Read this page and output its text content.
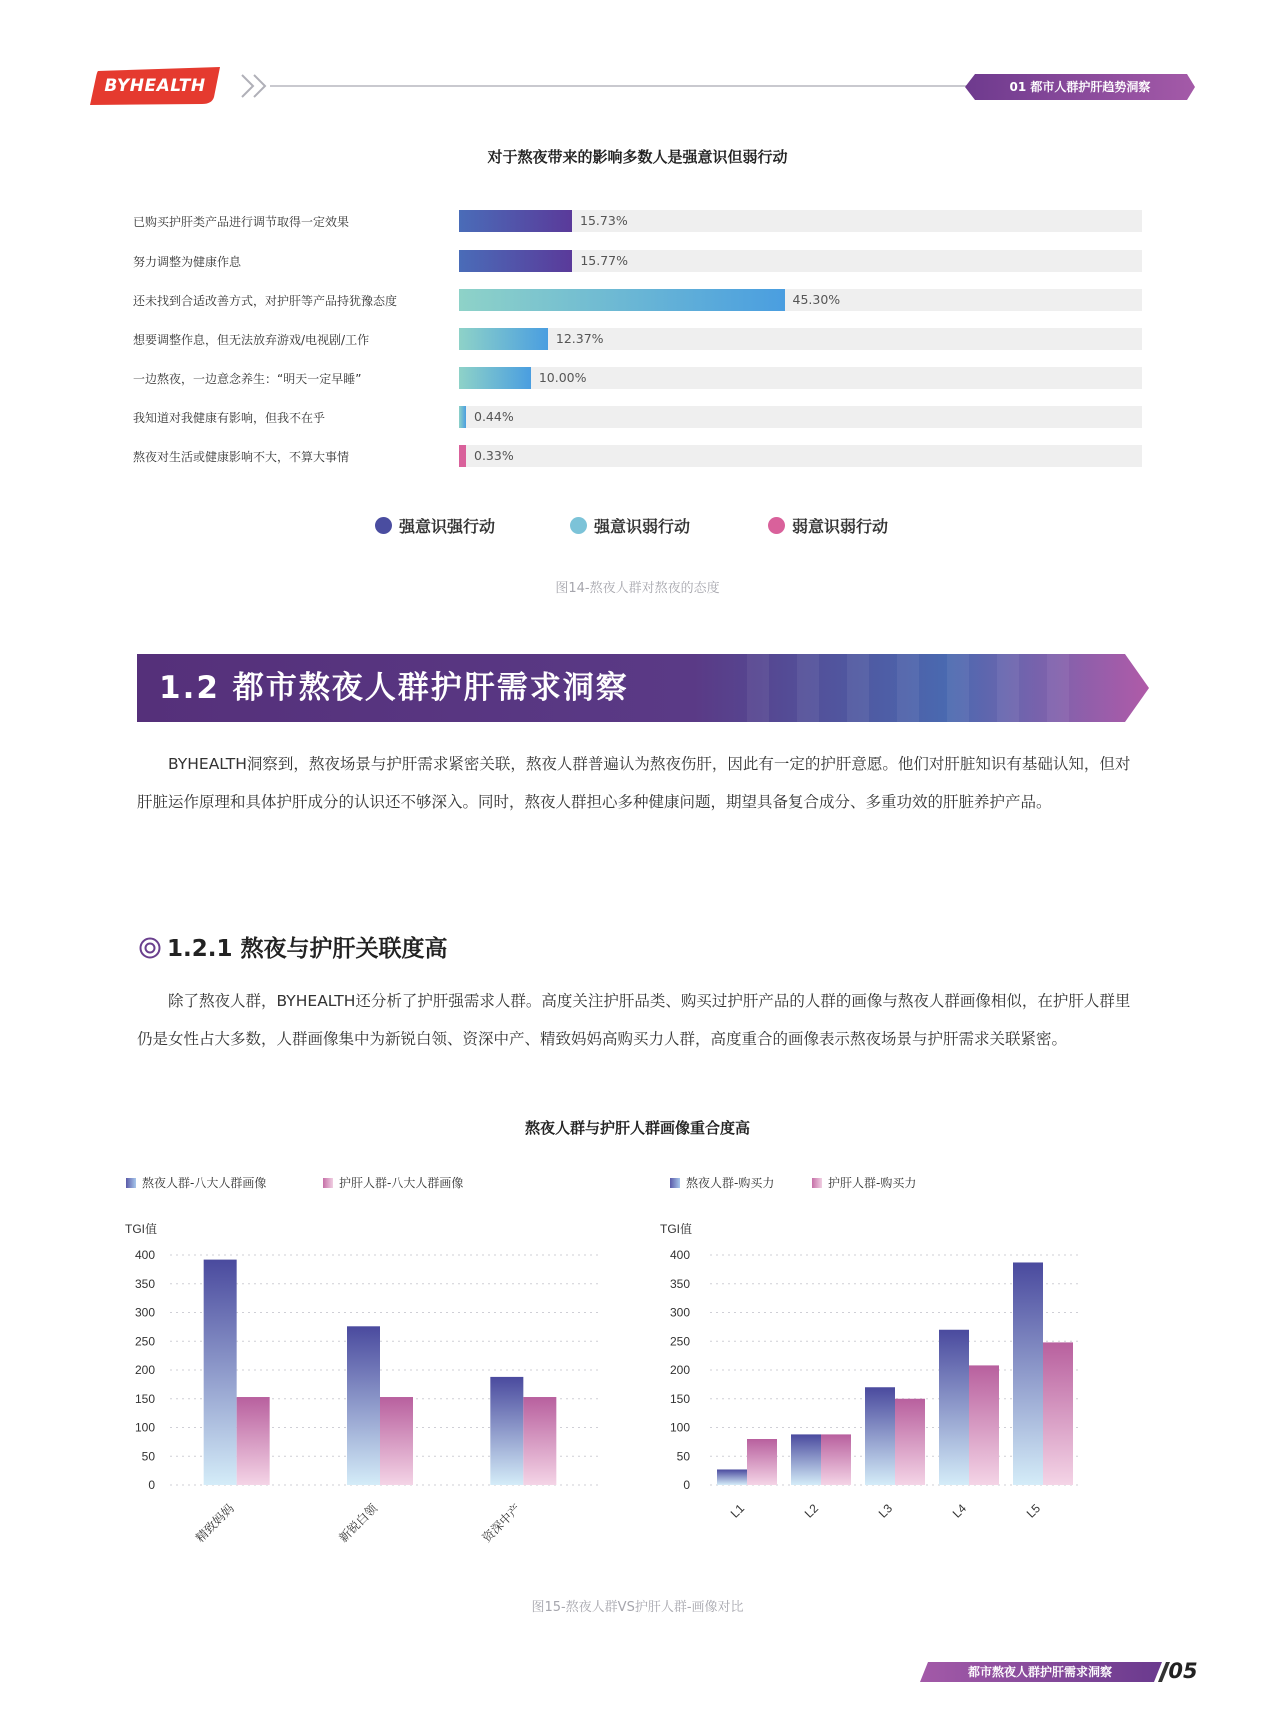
BYHEALTH	01 都市人群护肝趋势洞察
对于熬夜带来的影响多数人是强意识但弱行动
已购买护肝类产品进行调节取得一定效果	15.73%
努力调整为健康作息	15.77%
还未找到合适改善方式，对护肝等产品持犹豫态度	45.30%
想要调整作息，但无法放弃游戏/电视剧/工作	12.37%
一边熬夜，一边意念养生：“明天一定早睡”	10.00%
我知道对我健康有影响，但我不在乎	0.44%
熬夜对生活或健康影响不大，不算大事情	0.33%
强意识强行动	强意识弱行动	弱意识弱行动
图14-熬夜人群对熬夜的态度
1.2 都市熬夜人群护肝需求洞察
BYHEALTH洞察到，熬夜场景与护肝需求紧密关联，熬夜人群普遍认为熬夜伤肝，因此有一定的护肝意愿。他们对肝脏知识有基础认知，但对肝脏运作原理和具体护肝成分的认识还不够深入。同时，熬夜人群担心多种健康问题，期望具备复合成分、多重功效的肝脏养护产品。
1.2.1 熬夜与护肝关联度高
除了熬夜人群，BYHEALTH还分析了护肝强需求人群。高度关注护肝品类、购买过护肝产品的人群的画像与熬夜人群画像相似，在护肝人群里仍是女性占大多数，人群画像集中为新锐白领、资深中产、精致妈妈高购买力人群，高度重合的画像表示熬夜场景与护肝需求关联紧密。
熬夜人群与护肝人群画像重合度高
熬夜人群-八大人群画像	护肝人群-八大人群画像	熬夜人群-购买力	护肝人群-购买力
TGI值
0
50
100
150
200
250
300
350
400
精致妈妈	新锐白领	资深中产
TGI值
0
50
100
150
200
250
300
350
400
L1	L2	L3	L4	L5
图15-熬夜人群VS护肝人群-画像对比
都市熬夜人群护肝需求洞察	05
